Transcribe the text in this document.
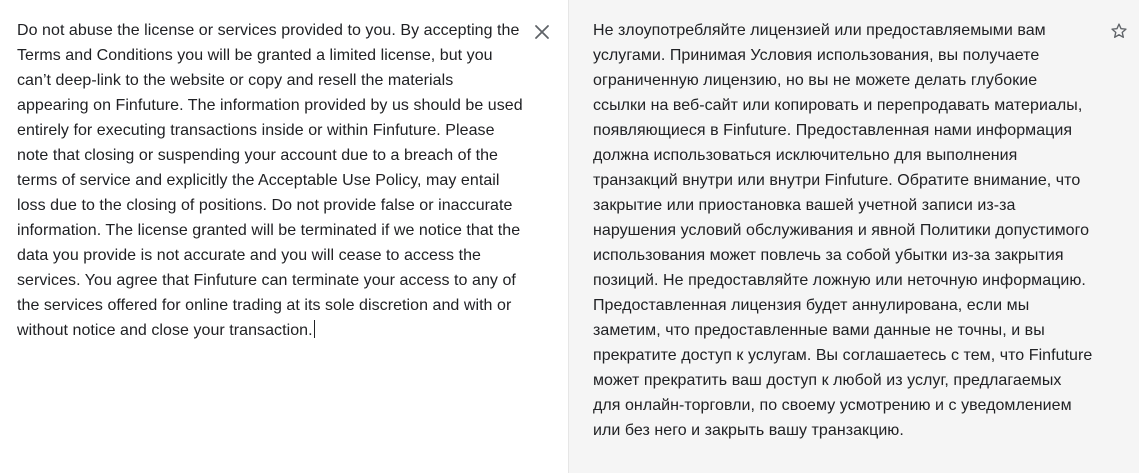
Do not abuse the license or services provided to you. By accepting the Terms and Conditions you will be granted a limited license, but you can’t deep-link to the website or copy and resell the materials appearing on Finfuture. The information provided by us should be used entirely for executing transactions inside or within Finfuture. Please note that closing or suspending your account due to a breach of the terms of service and explicitly the Acceptable Use Policy, may entail loss due to the closing of positions. Do not provide false or inaccurate information. The license granted will be terminated if we notice that the data you provide is not accurate and you will cease to access the services. You agree that Finfuture can terminate your access to any of the services offered for online trading at its sole discretion and with or without notice and close your transaction.
Не злоупотребляйте лицензией или предоставляемыми вам услугами. Принимая Условия использования, вы получаете ограниченную лицензию, но вы не можете делать глубокие ссылки на веб-сайт или копировать и перепродавать материалы, появляющиеся в Finfuture. Предоставленная нами информация должна использоваться исключительно для выполнения транзакций внутри или внутри Finfuture. Обратите внимание, что закрытие или приостановка вашей учетной записи из-за нарушения условий обслуживания и явной Политики допустимого использования может повлечь за собой убытки из-за закрытия позиций. Не предоставляйте ложную или неточную информацию. Предоставленная лицензия будет аннулирована, если мы заметим, что предоставленные вами данные не точны, и вы прекратите доступ к услугам. Вы соглашаетесь с тем, что Finfuture может прекратить ваш доступ к любой из услуг, предлагаемых для онлайн-торговли, по своему усмотрению и с уведомлением или без него и закрыть вашу транзакцию.
